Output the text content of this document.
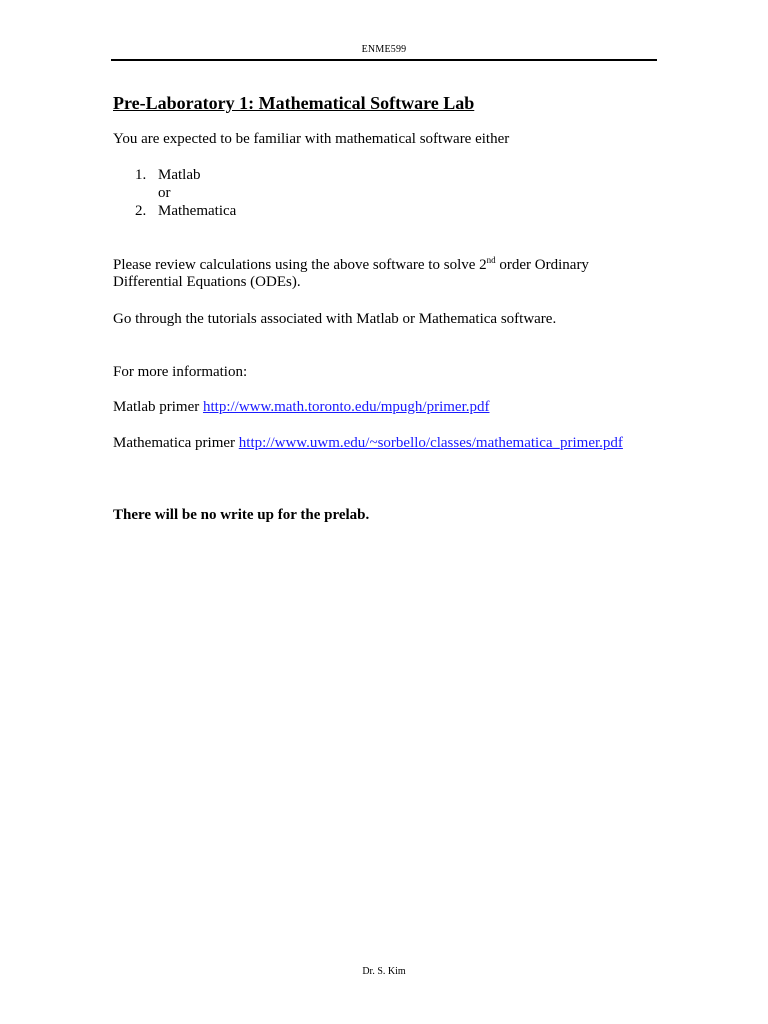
ENME599
Pre-Laboratory 1: Mathematical Software Lab
You are expected to be familiar with mathematical software either
1. Matlab
or
2. Mathematica
Please review calculations using the above software to solve 2nd order Ordinary
Differential Equations (ODEs).
Go through the tutorials associated with Matlab or Mathematica software.
For more information:
Matlab primer http://www.math.toronto.edu/mpugh/primer.pdf
Mathematica primer http://www.uwm.edu/~sorbello/classes/mathematica_primer.pdf
There will be no write up for the prelab.
Dr. S. Kim
